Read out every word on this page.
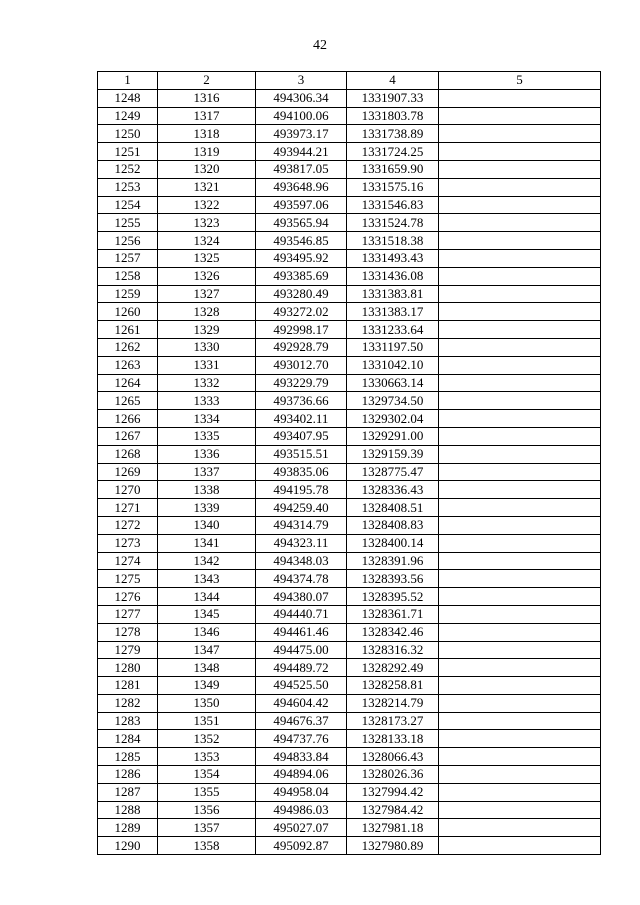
42
1	2	3	4	5
1248	1316	494306.34	1331907.33	
1249	1317	494100.06	1331803.78	
1250	1318	493973.17	1331738.89	
1251	1319	493944.21	1331724.25	
1252	1320	493817.05	1331659.90	
1253	1321	493648.96	1331575.16	
1254	1322	493597.06	1331546.83	
1255	1323	493565.94	1331524.78	
1256	1324	493546.85	1331518.38	
1257	1325	493495.92	1331493.43	
1258	1326	493385.69	1331436.08	
1259	1327	493280.49	1331383.81	
1260	1328	493272.02	1331383.17	
1261	1329	492998.17	1331233.64	
1262	1330	492928.79	1331197.50	
1263	1331	493012.70	1331042.10	
1264	1332	493229.79	1330663.14	
1265	1333	493736.66	1329734.50	
1266	1334	493402.11	1329302.04	
1267	1335	493407.95	1329291.00	
1268	1336	493515.51	1329159.39	
1269	1337	493835.06	1328775.47	
1270	1338	494195.78	1328336.43	
1271	1339	494259.40	1328408.51	
1272	1340	494314.79	1328408.83	
1273	1341	494323.11	1328400.14	
1274	1342	494348.03	1328391.96	
1275	1343	494374.78	1328393.56	
1276	1344	494380.07	1328395.52	
1277	1345	494440.71	1328361.71	
1278	1346	494461.46	1328342.46	
1279	1347	494475.00	1328316.32	
1280	1348	494489.72	1328292.49	
1281	1349	494525.50	1328258.81	
1282	1350	494604.42	1328214.79	
1283	1351	494676.37	1328173.27	
1284	1352	494737.76	1328133.18	
1285	1353	494833.84	1328066.43	
1286	1354	494894.06	1328026.36	
1287	1355	494958.04	1327994.42	
1288	1356	494986.03	1327984.42	
1289	1357	495027.07	1327981.18	
1290	1358	495092.87	1327980.89	
